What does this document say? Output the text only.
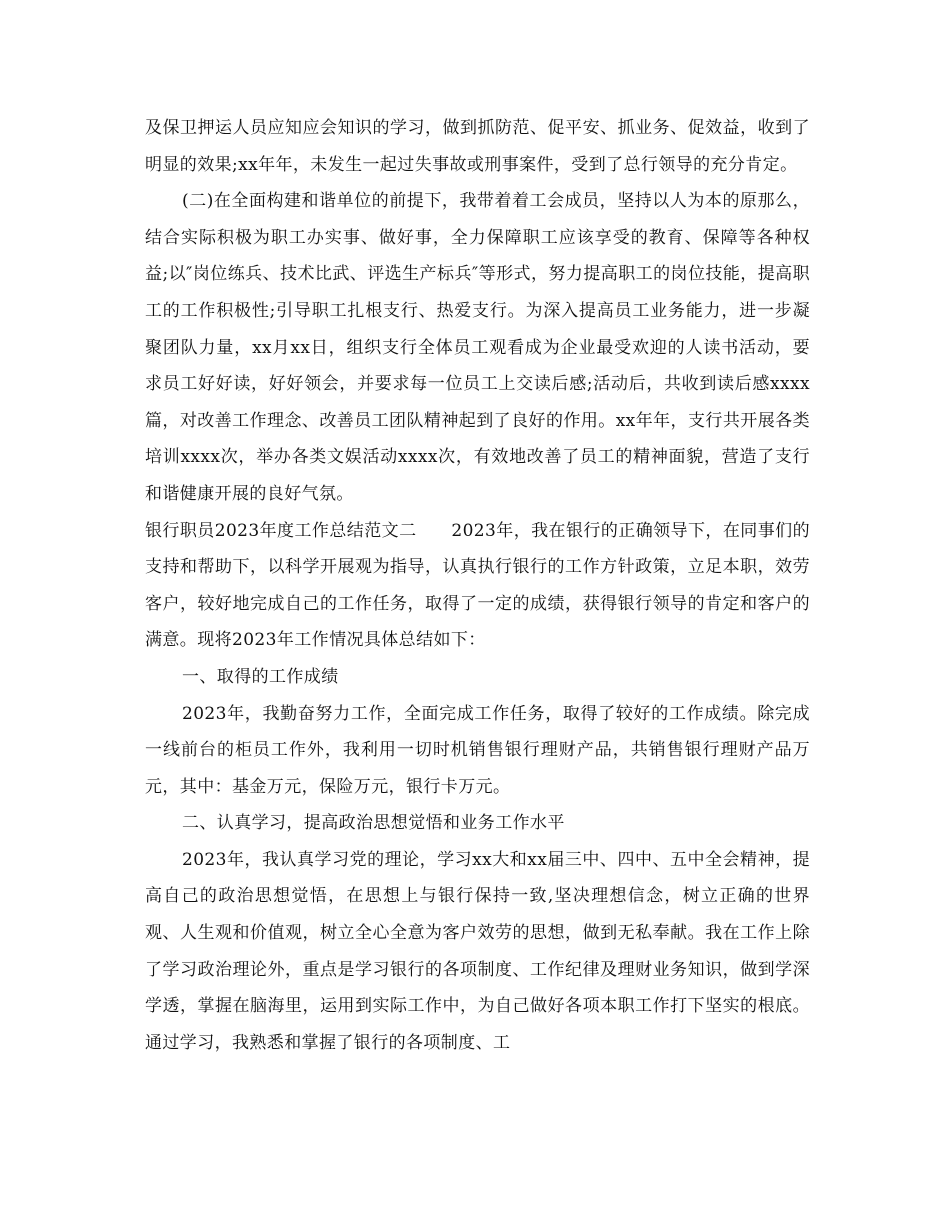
及保卫押运人员应知应会知识的学习，做到抓防范、促平安、抓业务、促效益，收到了明显的效果;xx年年，未发生一起过失事故或刑事案件，受到了总行领导的充分肯定。

(二)在全面构建和谐单位的前提下，我带着着工会成员，坚持以人为本的原那么，结合实际积极为职工办实事、做好事，全力保障职工应该享受的教育、保障等各种权益;以″岗位练兵、技术比武、评选生产标兵″等形式，努力提高职工的岗位技能，提高职工的工作积极性;引导职工扎根支行、热爱支行。为深入提高员工业务能力，进一步凝聚团队力量，xx月xx日，组织支行全体员工观看成为企业最受欢迎的人读书活动，要求员工好好读，好好领会，并要求每一位员工上交读后感;活动后，共收到读后感xxxx篇，对改善工作理念、改善员工团队精神起到了良好的作用。xx年年，支行共开展各类培训xxxx次，举办各类文娱活动xxxx次，有效地改善了员工的精神面貌，营造了支行和谐健康开展的良好气氛。

银行职员2023年度工作总结范文二　　2023年，我在银行的正确领导下，在同事们的支持和帮助下，以科学开展观为指导，认真执行银行的工作方针政策，立足本职，效劳客户，较好地完成自己的工作任务，取得了一定的成绩，获得银行领导的肯定和客户的满意。现将2023年工作情况具体总结如下：

一、取得的工作成绩

2023年，我勤奋努力工作，全面完成工作任务，取得了较好的工作成绩。除完成一线前台的柜员工作外，我利用一切时机销售银行理财产品，共销售银行理财产品万元，其中：基金万元，保险万元，银行卡万元。

二、认真学习，提高政治思想觉悟和业务工作水平

2023年，我认真学习党的理论，学习xx大和xx届三中、四中、五中全会精神，提高自己的政治思想觉悟，在思想上与银行保持一致,坚决理想信念，树立正确的世界观、人生观和价值观，树立全心全意为客户效劳的思想，做到无私奉献。我在工作上除了学习政治理论外，重点是学习银行的各项制度、工作纪律及理财业务知识，做到学深学透，掌握在脑海里，运用到实际工作中，为自己做好各项本职工作打下坚实的根底。通过学习，我熟悉和掌握了银行的各项制度、工
